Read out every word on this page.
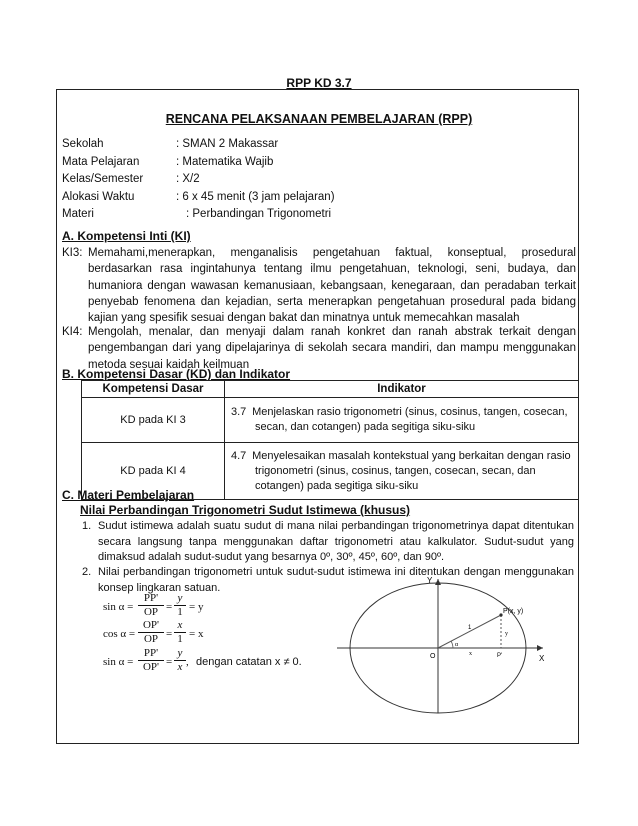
RPP KD 3.7
RENCANA PELAKSANAAN PEMBELAJARAN (RPP)
Sekolah	: SMAN 2 Makassar
Mata Pelajaran	: Matematika Wajib
Kelas/Semester	: X/2
Alokasi Waktu	: 6 x 45 menit (3 jam pelajaran)
Materi	: Perbandingan Trigonometri
A. Kompetensi Inti (KI)
KI3: Memahami,menerapkan, menganalisis pengetahuan faktual, konseptual, prosedural berdasarkan rasa ingintahunya tentang ilmu pengetahuan, teknologi, seni, budaya, dan humaniora dengan wawasan kemanusiaan, kebangsaan, kenegaraan, dan peradaban terkait penyebab fenomena dan kejadian, serta menerapkan pengetahuan prosedural pada bidang kajian yang spesifik sesuai dengan bakat dan minatnya untuk memecahkan masalah
KI4: Mengolah, menalar, dan menyaji dalam ranah konkret dan ranah abstrak terkait dengan pengembangan dari yang dipelajarinya di sekolah secara mandiri, dan mampu menggunakan metoda sesuai kaidah keilmuan
B. Kompetensi Dasar (KD) dan Indikator
Kompetensi Dasar	Indikator
KD pada KI 3	3.7 Menjelaskan rasio trigonometri (sinus, cosinus, tangen, cosecan,
secan, dan cotangen) pada segitiga siku-siku

KD pada KI 4	4.7 Menyelesaikan masalah kontekstual yang berkaitan dengan rasio
trigonometri (sinus, cosinus, tangen, cosecan, secan, dan cotangen) pada segitiga siku-siku
C. Materi Pembelajaran
Nilai Perbandingan Trigonometri Sudut Istimewa (khusus)
1. Sudut istimewa adalah suatu sudut di mana nilai perbandingan trigonometrinya dapat ditentukan secara langsung tanpa menggunakan daftar trigonometri atau kalkulator. Sudut-sudut yang dimaksud adalah sudut-sudut yang besarnya 0º, 30º, 45º, 60º, dan 90º.
2. Nilai perbandingan trigonometri untuk sudut-sudut istimewa ini ditentukan dengan menggunakan konsep lingkaran satuan.
$\sin \alpha = \frac{PP'}{OP} = \frac{y}{1} = y$
$\cos \alpha = \frac{OP'}{OP} = \frac{x}{1} = x$
$\sin \alpha = \frac{PP'}{OP'} = \frac{y}{x}$ , dengan catatan x ≠ 0.
Y
X
O
P(x, y)
α
P'
1
y
x
